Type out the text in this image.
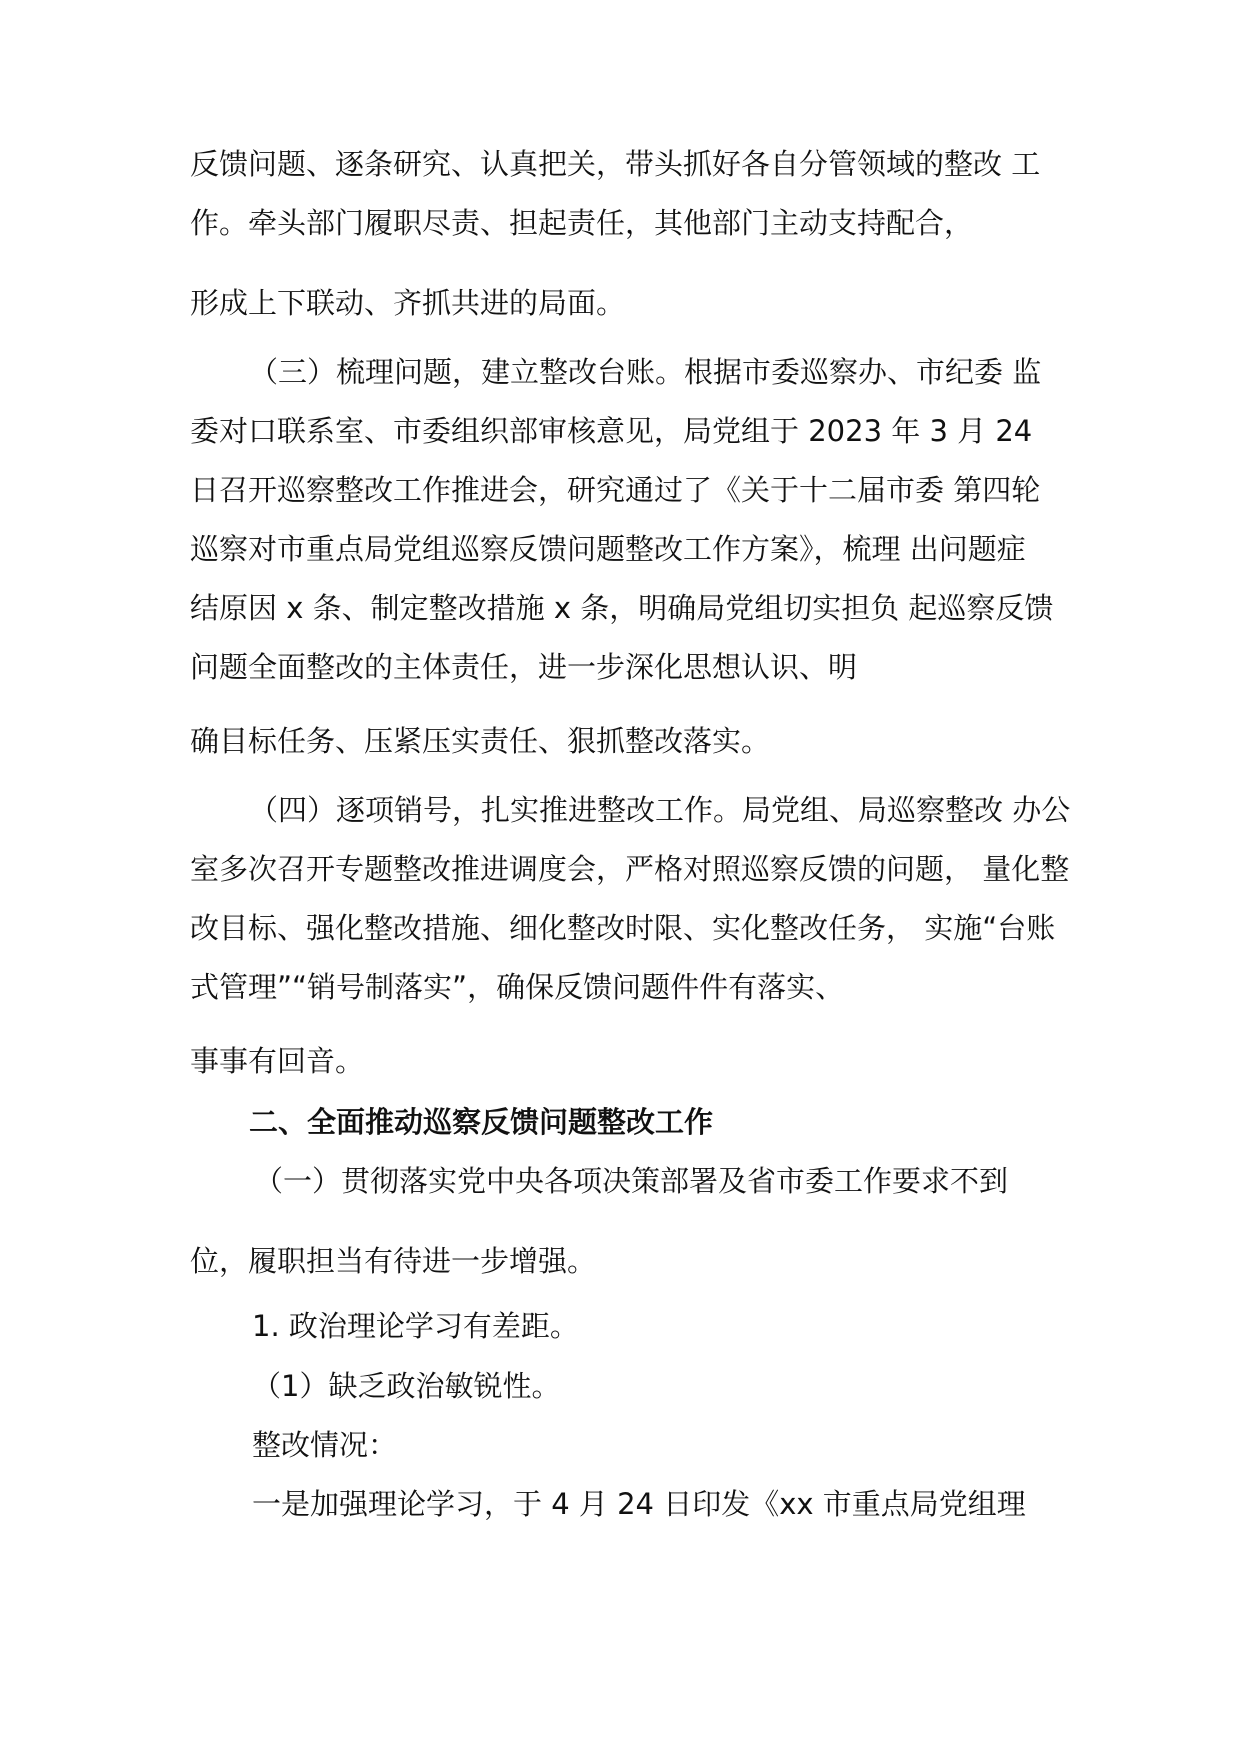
反馈问题、逐条研究、认真把关，带头抓好各自分管领域的整改 工
作。牵头部门履职尽责、担起责任，其他部门主动支持配合，
形成上下联动、齐抓共进的局面。
（三）梳理问题，建立整改台账。根据市委巡察办、市纪委 监
委对口联系室、市委组织部审核意见，局党组于 2023 年 3 月 24
日召开巡察整改工作推进会，研究通过了《关于十二届市委 第四轮
巡察对市重点局党组巡察反馈问题整改工作方案》，梳理 出问题症
结原因 x 条、制定整改措施 x 条，明确局党组切实担负 起巡察反馈
问题全面整改的主体责任，进一步深化思想认识、明
确目标任务、压紧压实责任、狠抓整改落实。
（四）逐项销号，扎实推进整改工作。局党组、局巡察整改 办公
室多次召开专题整改推进调度会，严格对照巡察反馈的问题， 量化整
改目标、强化整改措施、细化整改时限、实化整改任务， 实施“台账
式管理”“销号制落实”，确保反馈问题件件有落实、
事事有回音。
二、全面推动巡察反馈问题整改工作
（一）贯彻落实党中央各项决策部署及省市委工作要求不到
位，履职担当有待进一步增强。
1. 政治理论学习有差距。
（1）缺乏政治敏锐性。
整改情况：
一是加强理论学习，于 4 月 24 日印发《xx 市重点局党组理
